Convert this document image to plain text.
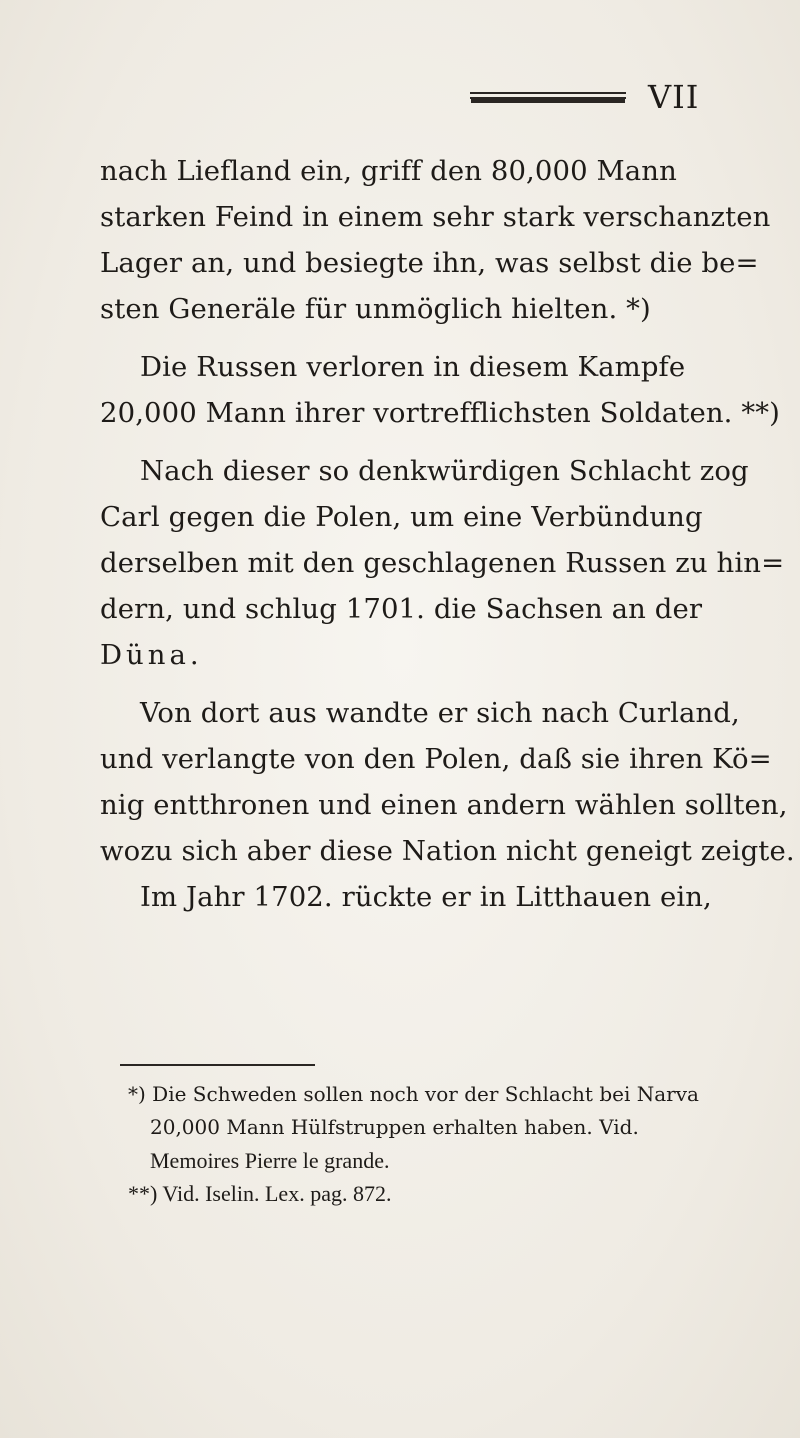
VII
nach Liefland ein, griff den 80,000 Mann
starken Feind in einem sehr stark verschanzten
Lager an, und besiegte ihn, was selbst die be=
sten Generäle für unmöglich hielten. *)
Die Russen verloren in diesem Kampfe
20,000 Mann ihrer vortrefflichsten Soldaten. **)
Nach dieser so denkwürdigen Schlacht zog
Carl gegen die Polen, um eine Verbündung
derselben mit den geschlagenen Russen zu hin=
dern, und schlug 1701. die Sachsen an der
Düna.
Von dort aus wandte er sich nach Curland,
und verlangte von den Polen, daß sie ihren Kö=
nig entthronen und einen andern wählen sollten,
wozu sich aber diese Nation nicht geneigt zeigte.
Im Jahr 1702. rückte er in Litthauen ein,
*) Die Schweden sollen noch vor der Schlacht bei Narva
20,000 Mann Hülfstruppen erhalten haben. Vid.
Memoires Pierre le grande.
**) Vid. Iselin. Lex. pag. 872.
